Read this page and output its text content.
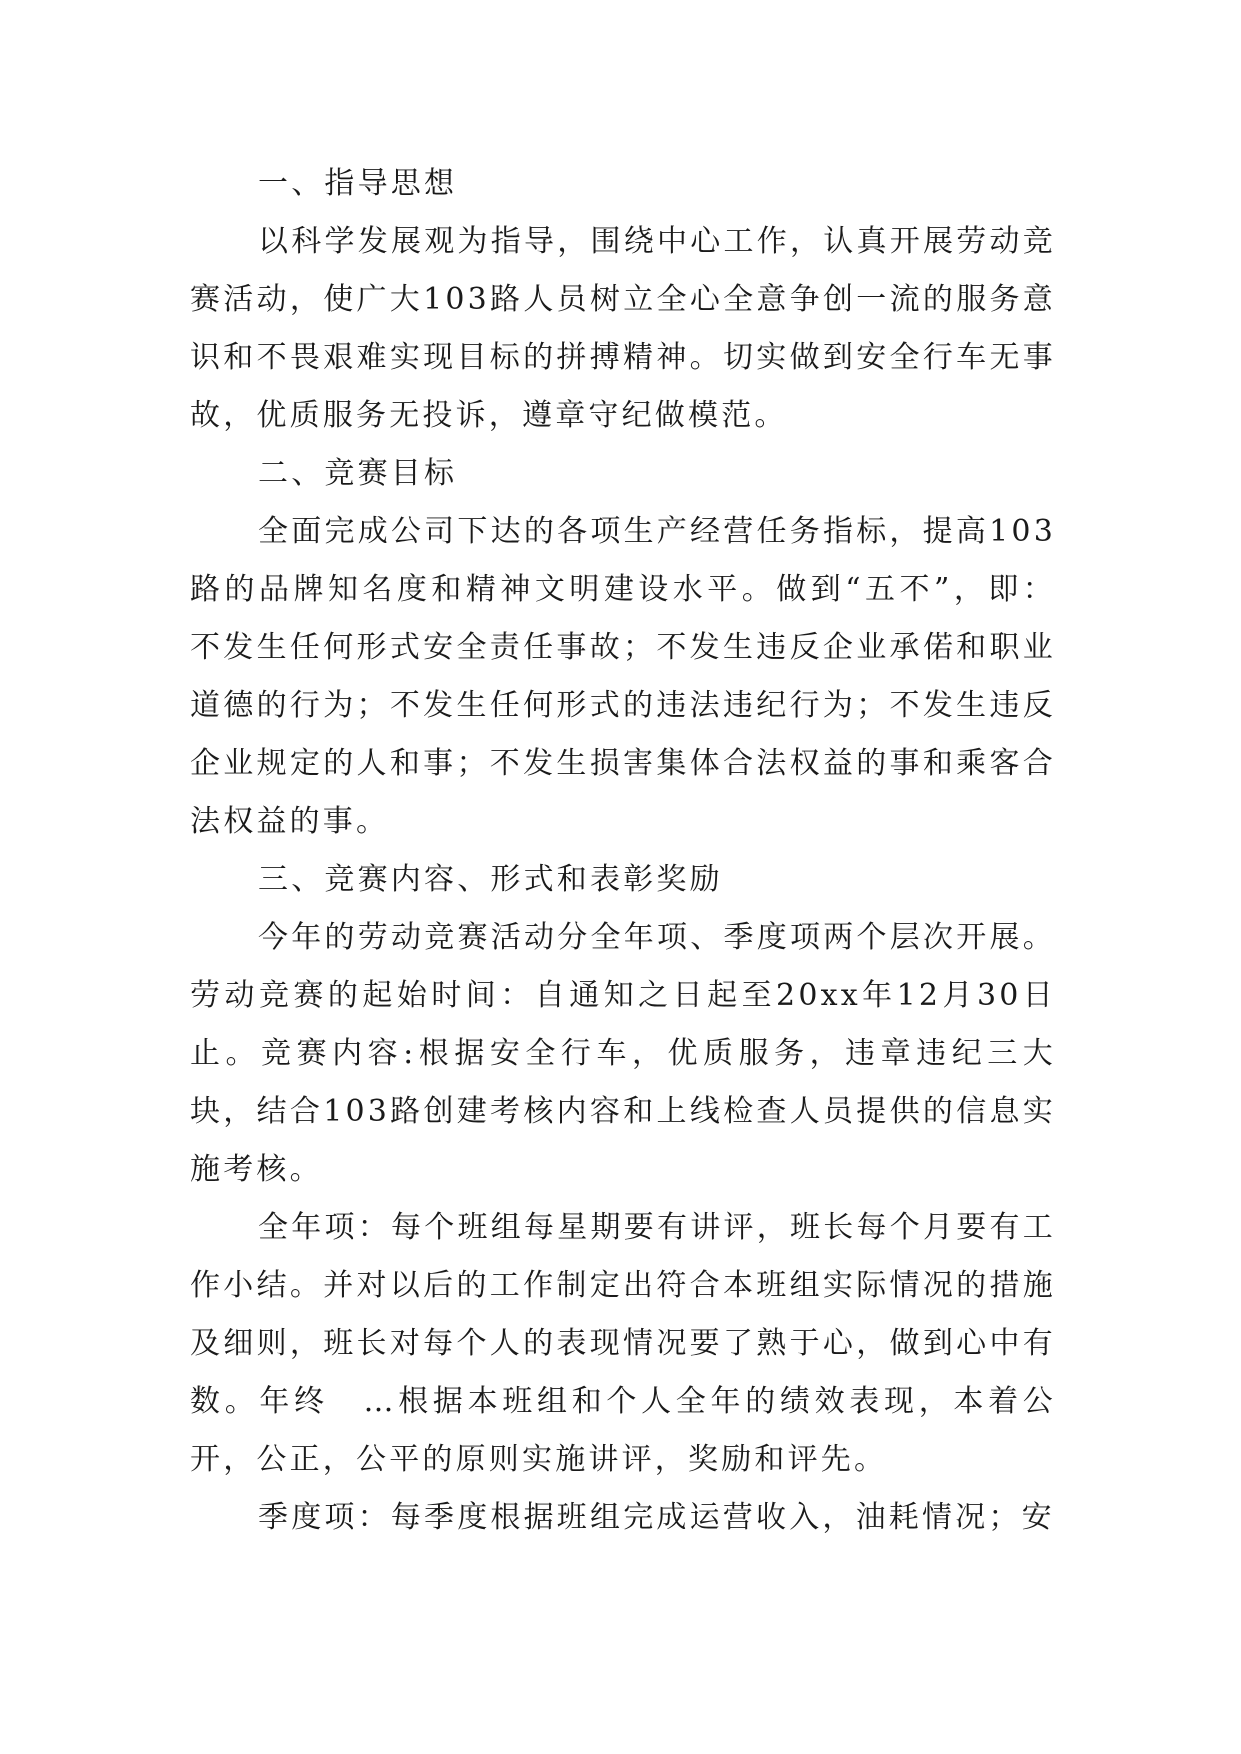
一、指导思想

以科学发展观为指导，围绕中心工作，认真开展劳动竞赛活动，使广大103路人员树立全心全意争创一流的服务意识和不畏艰难实现目标的拼搏精神。切实做到安全行车无事故，优质服务无投诉，遵章守纪做模范。

二、竞赛目标

全面完成公司下达的各项生产经营任务指标，提高103路的品牌知名度和精神文明建设水平。做到“五不”，即：不发生任何形式安全责任事故；不发生违反企业承偌和职业道德的行为；不发生任何形式的违法违纪行为；不发生违反企业规定的人和事；不发生损害集体合法权益的事和乘客合法权益的事。

三、竞赛内容、形式和表彰奖励

今年的劳动竞赛活动分全年项、季度项两个层次开展。劳动竞赛的起始时间：自通知之日起至20xx年12月30日止。竞赛内容:根据安全行车，优质服务，违章违纪三大块，结合103路创建考核内容和上线检查人员提供的信息实施考核。

全年项：每个班组每星期要有讲评，班长每个月要有工作小结。并对以后的工作制定出符合本班组实际情况的措施及细则，班长对每个人的表现情况要了熟于心，做到心中有数。年终　…根据本班组和个人全年的绩效表现，本着公开，公正，公平的原则实施讲评，奖励和评先。

季度项：每季度根据班组完成运营收入，油耗情况；安
